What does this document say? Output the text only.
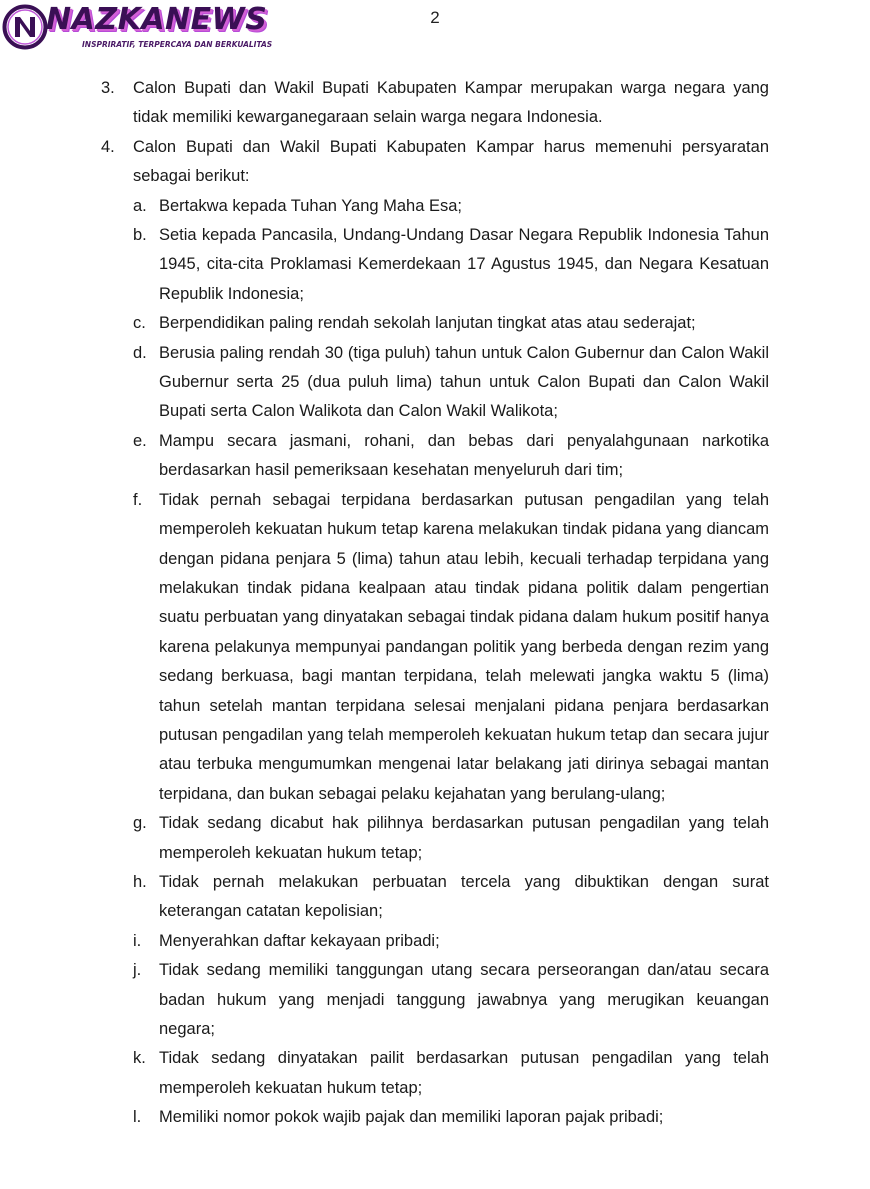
NAZKANEWS
INSPRIRATIF, TERPERCAYA DAN BERKUALITAS
2
3. Calon Bupati dan Wakil Bupati Kabupaten Kampar merupakan warga negara yang tidak memiliki kewarganegaraan selain warga negara Indonesia.
4. Calon Bupati dan Wakil Bupati Kabupaten Kampar harus memenuhi persyaratan sebagai berikut:
a. Bertakwa kepada Tuhan Yang Maha Esa;
b. Setia kepada Pancasila, Undang-Undang Dasar Negara Republik Indonesia Tahun 1945, cita-cita Proklamasi Kemerdekaan 17 Agustus 1945, dan Negara Kesatuan Republik Indonesia;
c. Berpendidikan paling rendah sekolah lanjutan tingkat atas atau sederajat;
d. Berusia paling rendah 30 (tiga puluh) tahun untuk Calon Gubernur dan Calon Wakil Gubernur serta 25 (dua puluh lima) tahun untuk Calon Bupati dan Calon Wakil Bupati serta Calon Walikota dan Calon Wakil Walikota;
e. Mampu secara jasmani, rohani, dan bebas dari penyalahgunaan narkotika berdasarkan hasil pemeriksaan kesehatan menyeluruh dari tim;
f. Tidak pernah sebagai terpidana berdasarkan putusan pengadilan yang telah memperoleh kekuatan hukum tetap karena melakukan tindak pidana yang diancam dengan pidana penjara 5 (lima) tahun atau lebih, kecuali terhadap terpidana yang melakukan tindak pidana kealpaan atau tindak pidana politik dalam pengertian suatu perbuatan yang dinyatakan sebagai tindak pidana dalam hukum positif hanya karena pelakunya mempunyai pandangan politik yang berbeda dengan rezim yang sedang berkuasa, bagi mantan terpidana, telah melewati jangka waktu 5 (lima) tahun setelah mantan terpidana selesai menjalani pidana penjara berdasarkan putusan pengadilan yang telah memperoleh kekuatan hukum tetap dan secara jujur atau terbuka mengumumkan mengenai latar belakang jati dirinya sebagai mantan terpidana, dan bukan sebagai pelaku kejahatan yang berulang-ulang;
g. Tidak sedang dicabut hak pilihnya berdasarkan putusan pengadilan yang telah memperoleh kekuatan hukum tetap;
h. Tidak pernah melakukan perbuatan tercela yang dibuktikan dengan surat keterangan catatan kepolisian;
i. Menyerahkan daftar kekayaan pribadi;
j. Tidak sedang memiliki tanggungan utang secara perseorangan dan/atau secara badan hukum yang menjadi tanggung jawabnya yang merugikan keuangan negara;
k. Tidak sedang dinyatakan pailit berdasarkan putusan pengadilan yang telah memperoleh kekuatan hukum tetap;
l. Memiliki nomor pokok wajib pajak dan memiliki laporan pajak pribadi;
